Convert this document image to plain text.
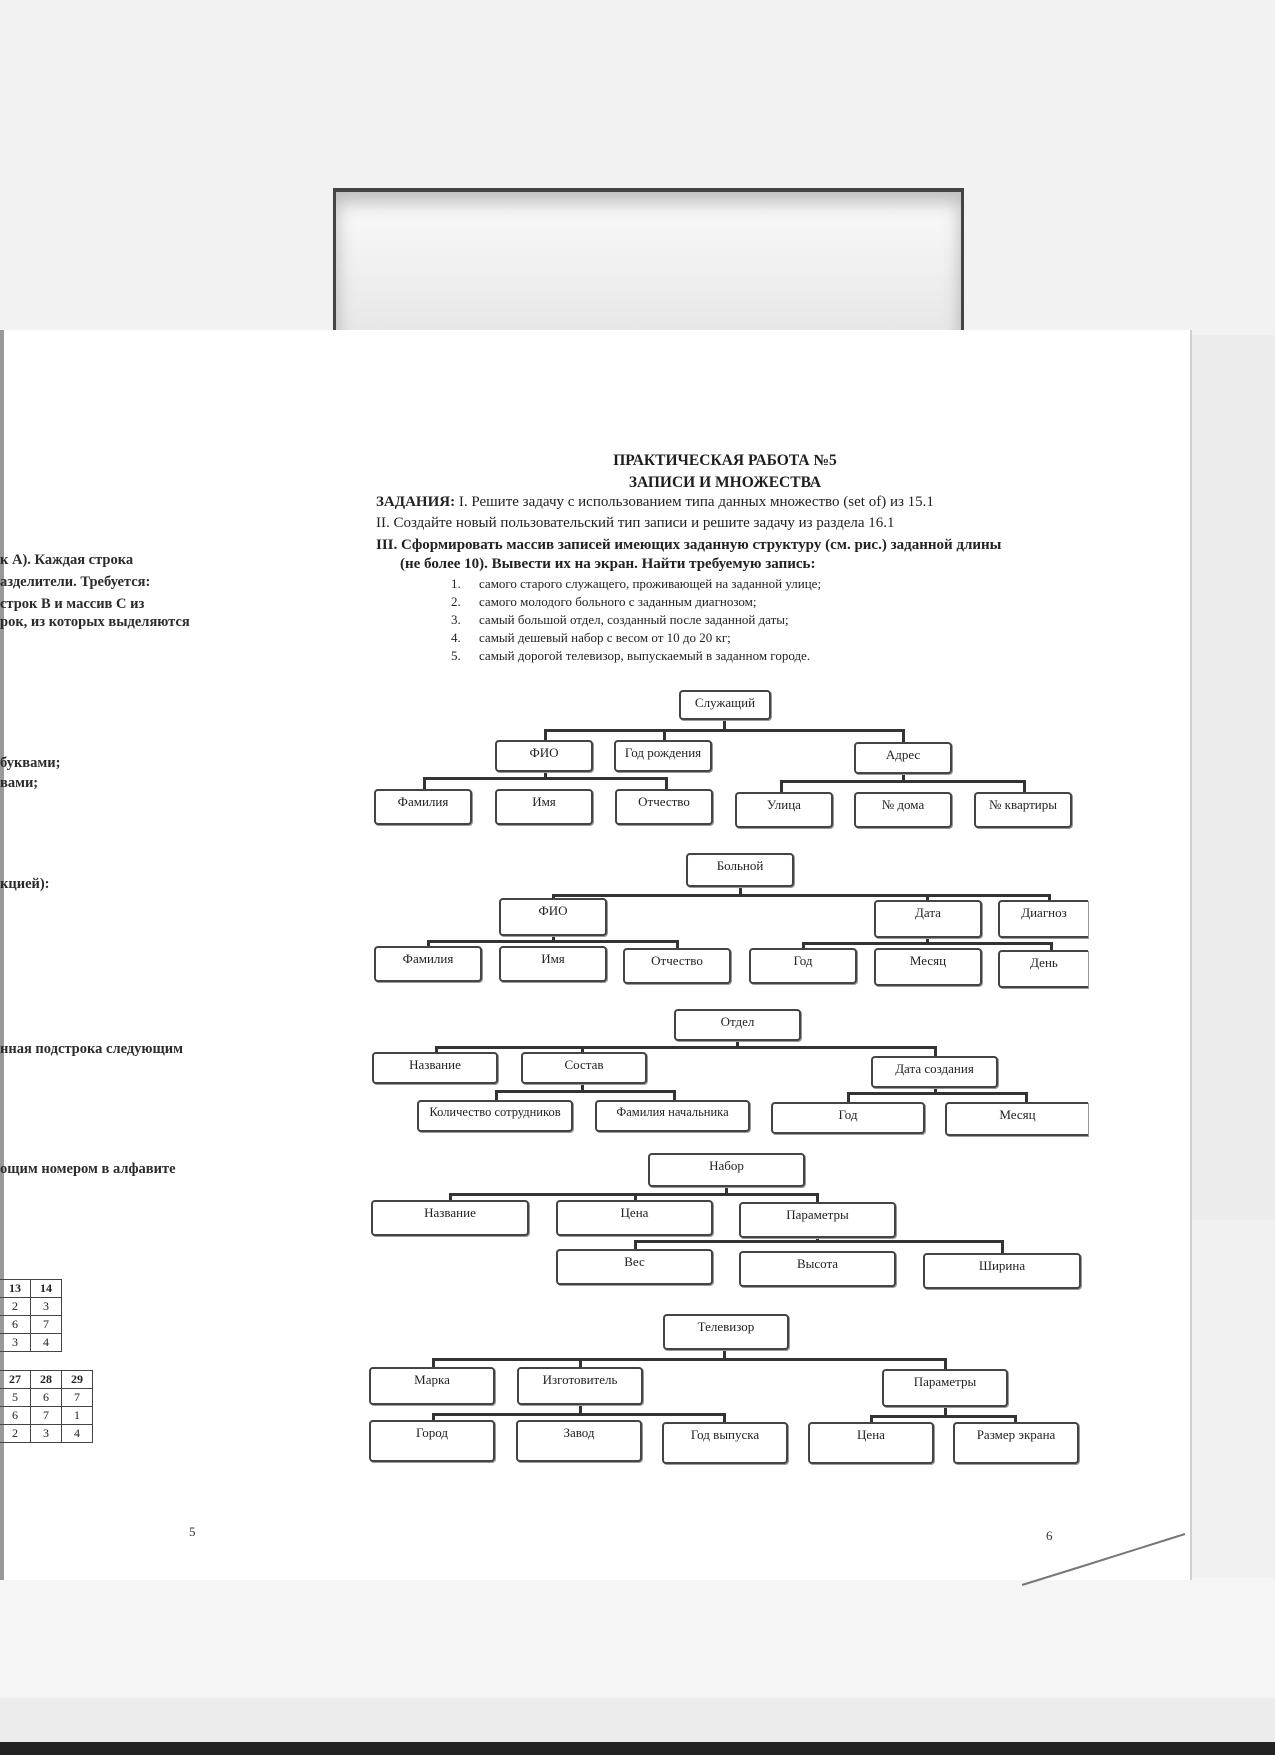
к А). Каждая строка
азделители. Требуется:
строк B и массив C из
рок, из которых выделяются
буквами;
вами;
кцией):
нная подстрока следующим
ощим номером в алфавите
13	14
2	3
6	7
3	4
27	28	29
5	6	7
6	7	1
2	3	4
5
ПРАКТИЧЕСКАЯ РАБОТА №5
ЗАПИСИ И МНОЖЕСТВА
ЗАДАНИЯ: I. Решите задачу с использованием типа данных множество (set of) из 15.1
II. Создайте новый пользовательский тип записи и решите задачу из раздела 16.1
III. Сформировать массив записей имеющих заданную структуру (см. рис.) заданной длины
(не более 10). Вывести их на экран. Найти требуемую запись:
1. самого старого служащего, проживающей на заданной улице;
2. самого молодого больного с заданным диагнозом;
3. самый большой отдел, созданный после заданной даты;
4. самый дешевый набор с весом от 10 до 20 кг;
5. самый дорогой телевизор, выпускаемый в заданном городе.
Служащий
ФИО	Год рождения	Адрес
Фамилия	Имя	Отчество	Улица	№ дома	№ квартиры
Больной
ФИО	Дата	Диагноз
Фамилия	Имя	Отчество	Год	Месяц	День
Отдел
Название	Состав	Дата создания
Количество сотрудников	Фамилия начальника	Год	Месяц
Набор
Название	Цена	Параметры
Вес	Высота	Ширина
Телевизор
Марка	Изготовитель	Параметры
Город	Завод	Год выпуска	Цена	Размер экрана
6
